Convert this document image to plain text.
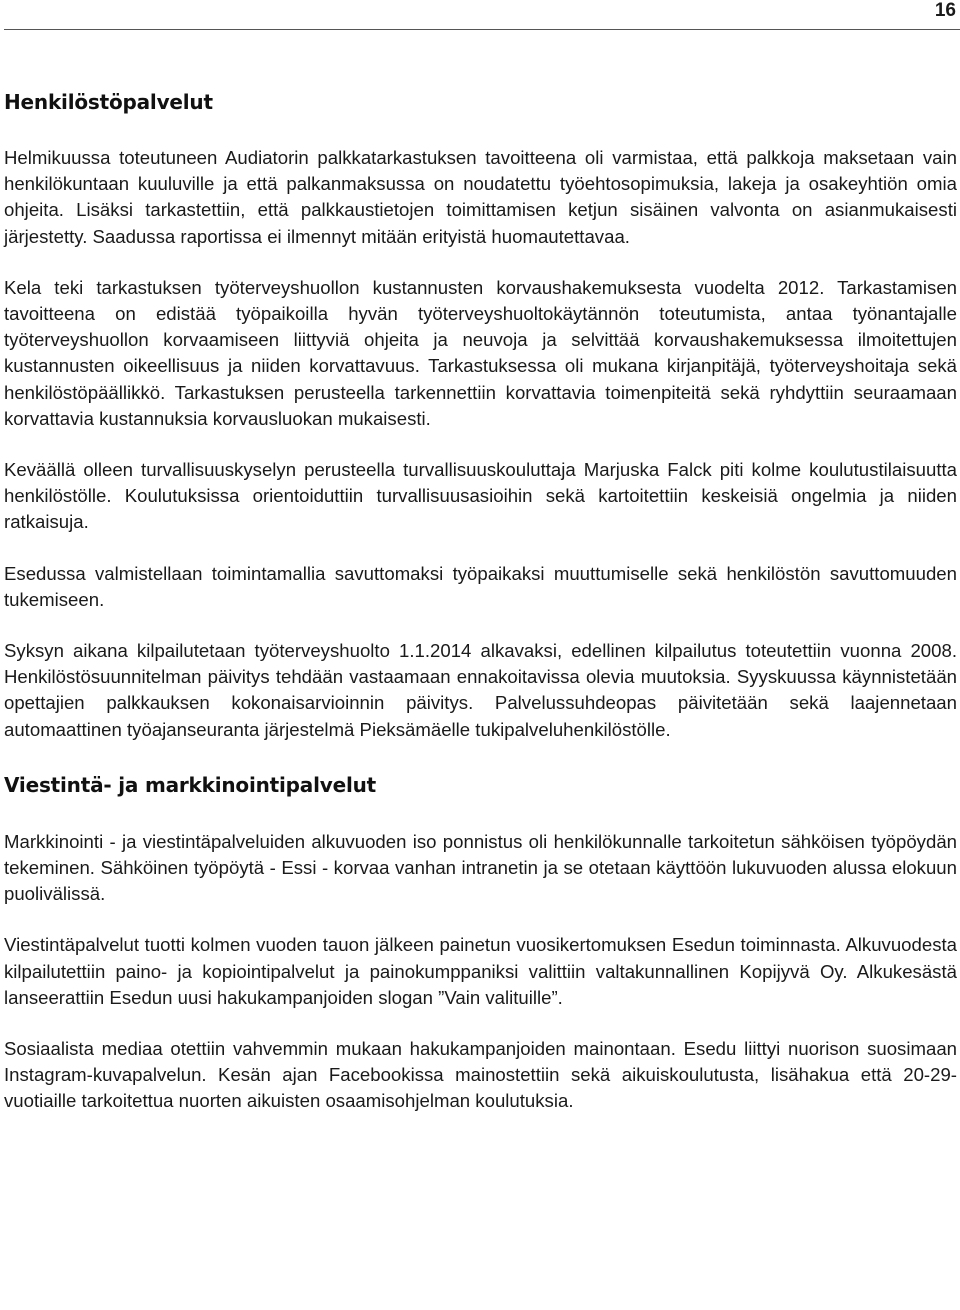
16
Henkilöstöpalvelut

Helmikuussa toteutuneen Audiatorin palkkatarkastuksen tavoitteena oli varmistaa, että palkkoja maksetaan vain henkilökuntaan kuuluville ja että palkanmaksussa on noudatettu työehtosopimuksia, lakeja ja osakeyhtiön omia ohjeita. Lisäksi tarkastettiin, että palkkaustietojen toimittamisen ketjun sisäinen valvonta on asianmukaisesti järjestetty. Saadussa raportissa ei ilmennyt mitään erityistä huomautettavaa.

Kela teki tarkastuksen työterveyshuollon kustannusten korvaushakemuksesta vuodelta 2012. Tarkastamisen tavoitteena on edistää työpaikoilla hyvän työterveyshuoltokäytännön toteutumista, antaa työnantajalle työterveyshuollon korvaamiseen liittyviä ohjeita ja neuvoja ja selvittää korvaushakemuksessa ilmoitettujen kustannusten oikeellisuus ja niiden korvattavuus. Tarkastuksessa oli mukana kirjanpitäjä, työterveyshoitaja sekä henkilöstöpäällikkö. Tarkastuksen perusteella tarkennettiin korvattavia toimenpiteitä sekä ryhdyttiin seuraamaan korvattavia kustannuksia korvausluokan mukaisesti.

Keväällä olleen turvallisuuskyselyn perusteella turvallisuuskouluttaja Marjuska Falck piti kolme koulutustilaisuutta henkilöstölle. Koulutuksissa orientoiduttiin turvallisuusasioihin sekä kartoitettiin keskeisiä ongelmia ja niiden ratkaisuja.

Esedussa valmistellaan toimintamallia savuttomaksi työpaikaksi muuttumiselle sekä henkilöstön savuttomuuden tukemiseen.

Syksyn aikana kilpailutetaan työterveyshuolto 1.1.2014 alkavaksi, edellinen kilpailutus toteutettiin vuonna 2008. Henkilöstösuunnitelman päivitys tehdään vastaamaan ennakoitavissa olevia muutoksia. Syyskuussa käynnistetään opettajien palkkauksen kokonaisarvioinnin päivitys. Palvelussuhdeopas päivitetään sekä laajennetaan automaattinen työajanseuranta järjestelmä Pieksämäelle tukipalveluhenkilöstölle.

Viestintä- ja markkinointipalvelut

Markkinointi - ja viestintäpalveluiden alkuvuoden iso ponnistus oli henkilökunnalle tarkoitetun sähköisen työpöydän tekeminen. Sähköinen työpöytä - Essi - korvaa vanhan intranetin ja se otetaan käyttöön lukuvuoden alussa elokuun puolivälissä.

Viestintäpalvelut tuotti kolmen vuoden tauon jälkeen painetun vuosikertomuksen Esedun toiminnasta. Alkuvuodesta kilpailutettiin paino- ja kopiointipalvelut ja painokumppaniksi valittiin valtakunnallinen Kopijyvä Oy. Alkukesästä lanseerattiin Esedun uusi hakukampanjoiden slogan ”Vain valituille”.

Sosiaalista mediaa otettiin vahvemmin mukaan hakukampanjoiden mainontaan. Esedu liittyi nuorison suosimaan Instagram-kuvapalvelun. Kesän ajan Facebookissa mainostettiin sekä aikuiskoulutusta, lisähakua että 20-29-vuotiaille tarkoitettua nuorten aikuisten osaamisohjelman koulutuksia.
